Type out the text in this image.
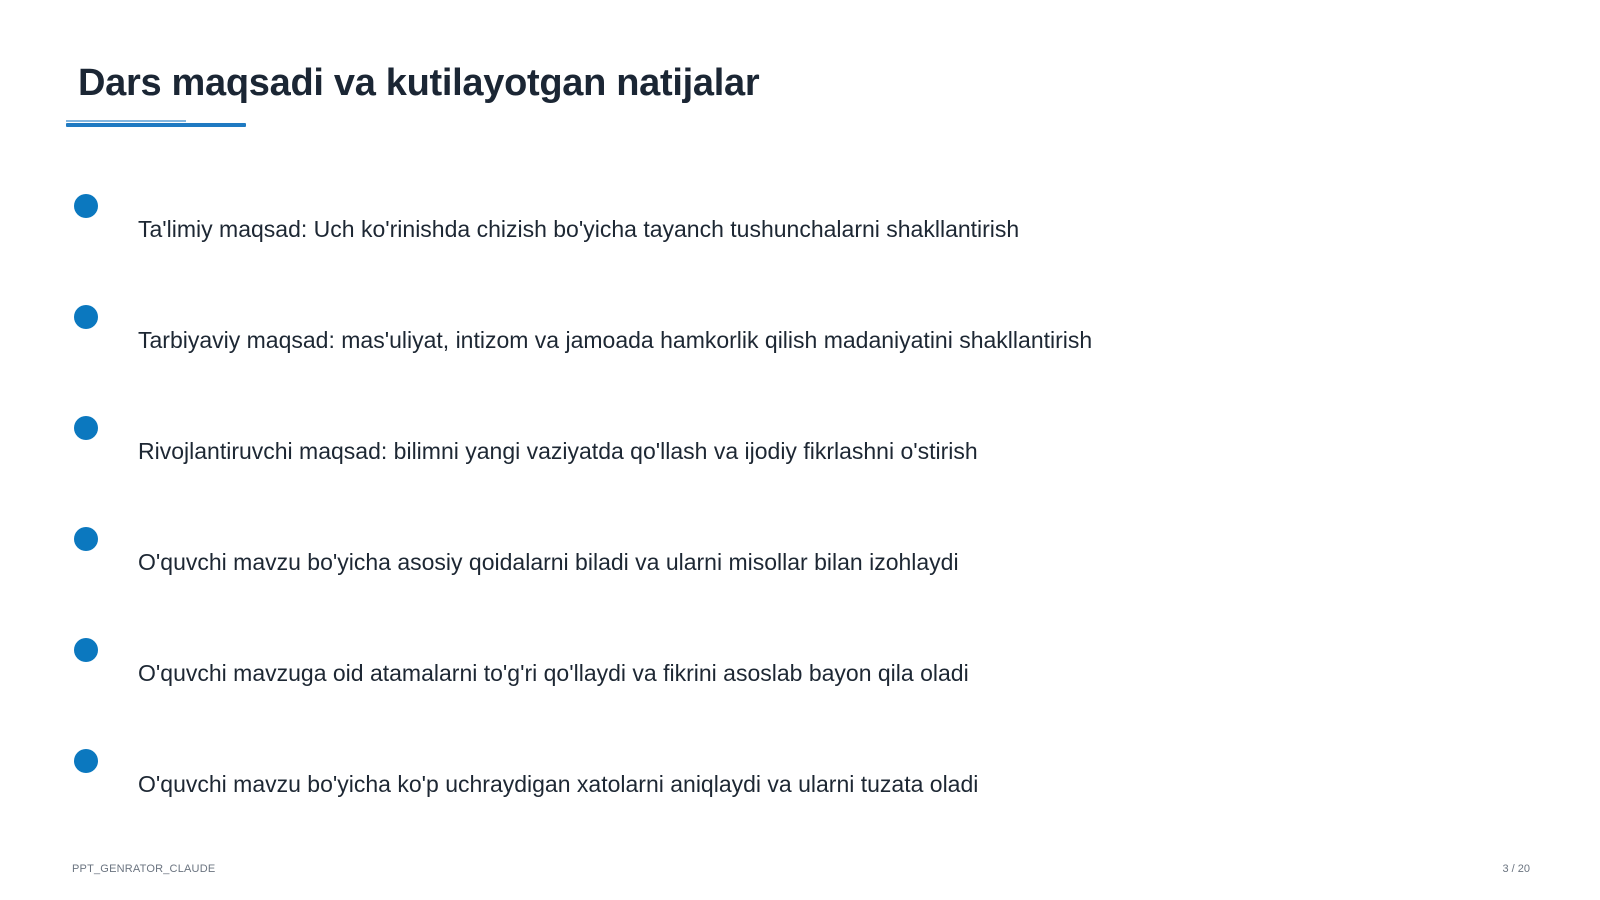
Dars maqsadi va kutilayotgan natijalar
Ta'limiy maqsad: Uch ko'rinishda chizish bo'yicha tayanch tushunchalarni shakllantirish
Tarbiyaviy maqsad: mas'uliyat, intizom va jamoada hamkorlik qilish madaniyatini shakllantirish
Rivojlantiruvchi maqsad: bilimni yangi vaziyatda qo'llash va ijodiy fikrlashni o'stirish
O'quvchi mavzu bo'yicha asosiy qoidalarni biladi va ularni misollar bilan izohlaydi
O'quvchi mavzuga oid atamalarni to'g'ri qo'llaydi va fikrini asoslab bayon qila oladi
O'quvchi mavzu bo'yicha ko'p uchraydigan xatolarni aniqlaydi va ularni tuzata oladi
PPT_GENRATOR_CLAUDE	3 / 20
